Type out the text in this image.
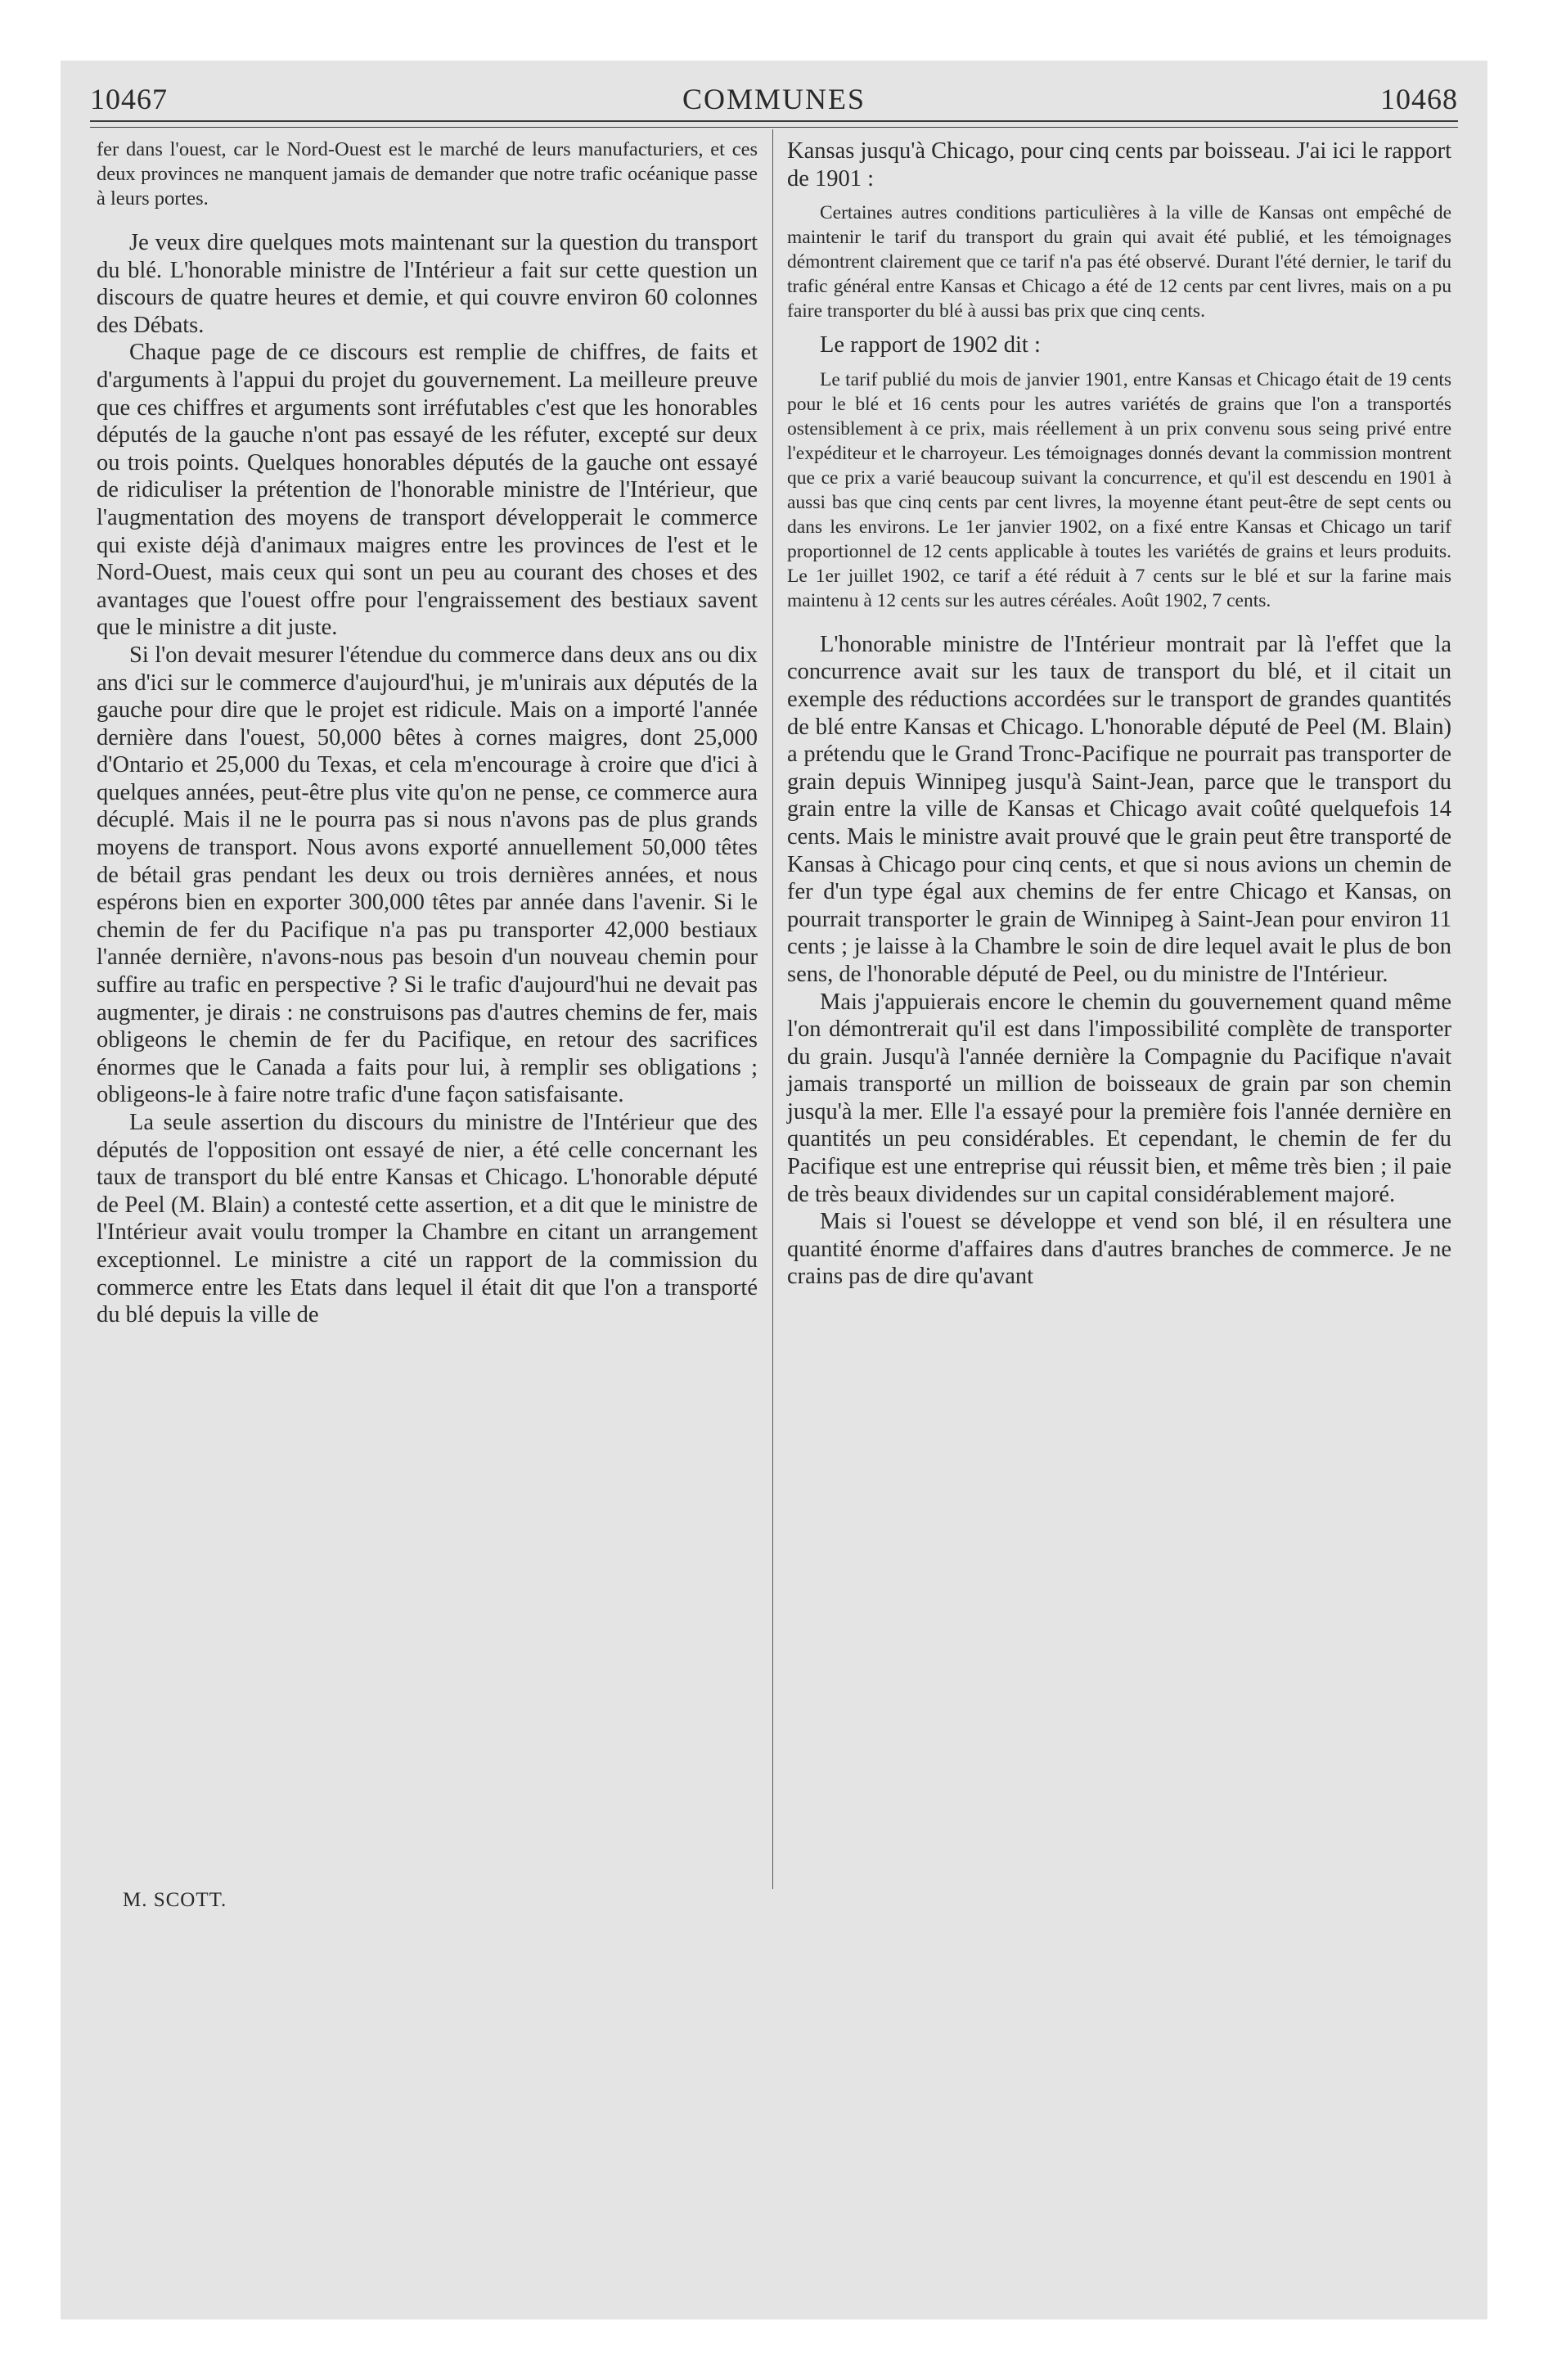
10467	COMMUNES	10468

fer dans l'ouest, car le Nord-Ouest est le marché de leurs manufacturiers, et ces deux provinces ne manquent jamais de demander que notre trafic océanique passe à leurs portes.

Je veux dire quelques mots maintenant sur la question du transport du blé. L'honorable ministre de l'Intérieur a fait sur cette question un discours de quatre heures et demie, et qui couvre environ 60 colonnes des Débats.

Chaque page de ce discours est remplie de chiffres, de faits et d'arguments à l'appui du projet du gouvernement. La meilleure preuve que ces chiffres et arguments sont irréfutables c'est que les honorables députés de la gauche n'ont pas essayé de les réfuter, excepté sur deux ou trois points. Quelques honorables députés de la gauche ont essayé de ridiculiser la prétention de l'honorable ministre de l'Intérieur, que l'augmentation des moyens de transport développerait le commerce qui existe déjà d'animaux maigres entre les provinces de l'est et le Nord-Ouest, mais ceux qui sont un peu au courant des choses et des avantages que l'ouest offre pour l'engraissement des bestiaux savent que le ministre a dit juste.

Si l'on devait mesurer l'étendue du commerce dans deux ans ou dix ans d'ici sur le commerce d'aujourd'hui, je m'unirais aux députés de la gauche pour dire que le projet est ridicule. Mais on a importé l'année dernière dans l'ouest, 50,000 bêtes à cornes maigres, dont 25,000 d'Ontario et 25,000 du Texas, et cela m'encourage à croire que d'ici à quelques années, peut-être plus vite qu'on ne pense, ce commerce aura décuplé. Mais il ne le pourra pas si nous n'avons pas de plus grands moyens de transport. Nous avons exporté annuellement 50,000 têtes de bétail gras pendant les deux ou trois dernières années, et nous espérons bien en exporter 300,000 têtes par année dans l'avenir. Si le chemin de fer du Pacifique n'a pas pu transporter 42,000 bestiaux l'année dernière, n'avons-nous pas besoin d'un nouveau chemin pour suffire au trafic en perspective ? Si le trafic d'aujourd'hui ne devait pas augmenter, je dirais : ne construisons pas d'autres chemins de fer, mais obligeons le chemin de fer du Pacifique, en retour des sacrifices énormes que le Canada a faits pour lui, à remplir ses obligations ; obligeons-le à faire notre trafic d'une façon satisfaisante.

La seule assertion du discours du ministre de l'Intérieur que des députés de l'opposition ont essayé de nier, a été celle concernant les taux de transport du blé entre Kansas et Chicago. L'honorable député de Peel (M. Blain) a contesté cette assertion, et a dit que le ministre de l'Intérieur avait voulu tromper la Chambre en citant un arrangement exceptionnel. Le ministre a cité un rapport de la commission du commerce entre les Etats dans lequel il était dit que l'on a transporté du blé depuis la ville de

Kansas jusqu'à Chicago, pour cinq cents par boisseau. J'ai ici le rapport de 1901 :

Certaines autres conditions particulières à la ville de Kansas ont empêché de maintenir le tarif du transport du grain qui avait été publié, et les témoignages démontrent clairement que ce tarif n'a pas été observé. Durant l'été dernier, le tarif du trafic général entre Kansas et Chicago a été de 12 cents par cent livres, mais on a pu faire transporter du blé à aussi bas prix que cinq cents.

Le rapport de 1902 dit :

Le tarif publié du mois de janvier 1901, entre Kansas et Chicago était de 19 cents pour le blé et 16 cents pour les autres variétés de grains que l'on a transportés ostensiblement à ce prix, mais réellement à un prix convenu sous seing privé entre l'expéditeur et le charroyeur. Les témoignages donnés devant la commission montrent que ce prix a varié beaucoup suivant la concurrence, et qu'il est descendu en 1901 à aussi bas que cinq cents par cent livres, la moyenne étant peut-être de sept cents ou dans les environs. Le 1er janvier 1902, on a fixé entre Kansas et Chicago un tarif proportionnel de 12 cents applicable à toutes les variétés de grains et leurs produits. Le 1er juillet 1902, ce tarif a été réduit à 7 cents sur le blé et sur la farine mais maintenu à 12 cents sur les autres céréales. Août 1902, 7 cents.

L'honorable ministre de l'Intérieur montrait par là l'effet que la concurrence avait sur les taux de transport du blé, et il citait un exemple des réductions accordées sur le transport de grandes quantités de blé entre Kansas et Chicago. L'honorable député de Peel (M. Blain) a prétendu que le Grand Tronc-Pacifique ne pourrait pas transporter de grain depuis Winnipeg jusqu'à Saint-Jean, parce que le transport du grain entre la ville de Kansas et Chicago avait coûté quelquefois 14 cents. Mais le ministre avait prouvé que le grain peut être transporté de Kansas à Chicago pour cinq cents, et que si nous avions un chemin de fer d'un type égal aux chemins de fer entre Chicago et Kansas, on pourrait transporter le grain de Winnipeg à Saint-Jean pour environ 11 cents ; je laisse à la Chambre le soin de dire lequel avait le plus de bon sens, de l'honorable député de Peel, ou du ministre de l'Intérieur.

Mais j'appuierais encore le chemin du gouvernement quand même l'on démontrerait qu'il est dans l'impossibilité complète de transporter du grain. Jusqu'à l'année dernière la Compagnie du Pacifique n'avait jamais transporté un million de boisseaux de grain par son chemin jusqu'à la mer. Elle l'a essayé pour la première fois l'année dernière en quantités un peu considérables. Et cependant, le chemin de fer du Pacifique est une entreprise qui réussit bien, et même très bien ; il paie de très beaux dividendes sur un capital considérablement majoré.

Mais si l'ouest se développe et vend son blé, il en résultera une quantité énorme d'affaires dans d'autres branches de commerce. Je ne crains pas de dire qu'avant

M. SCOTT.
